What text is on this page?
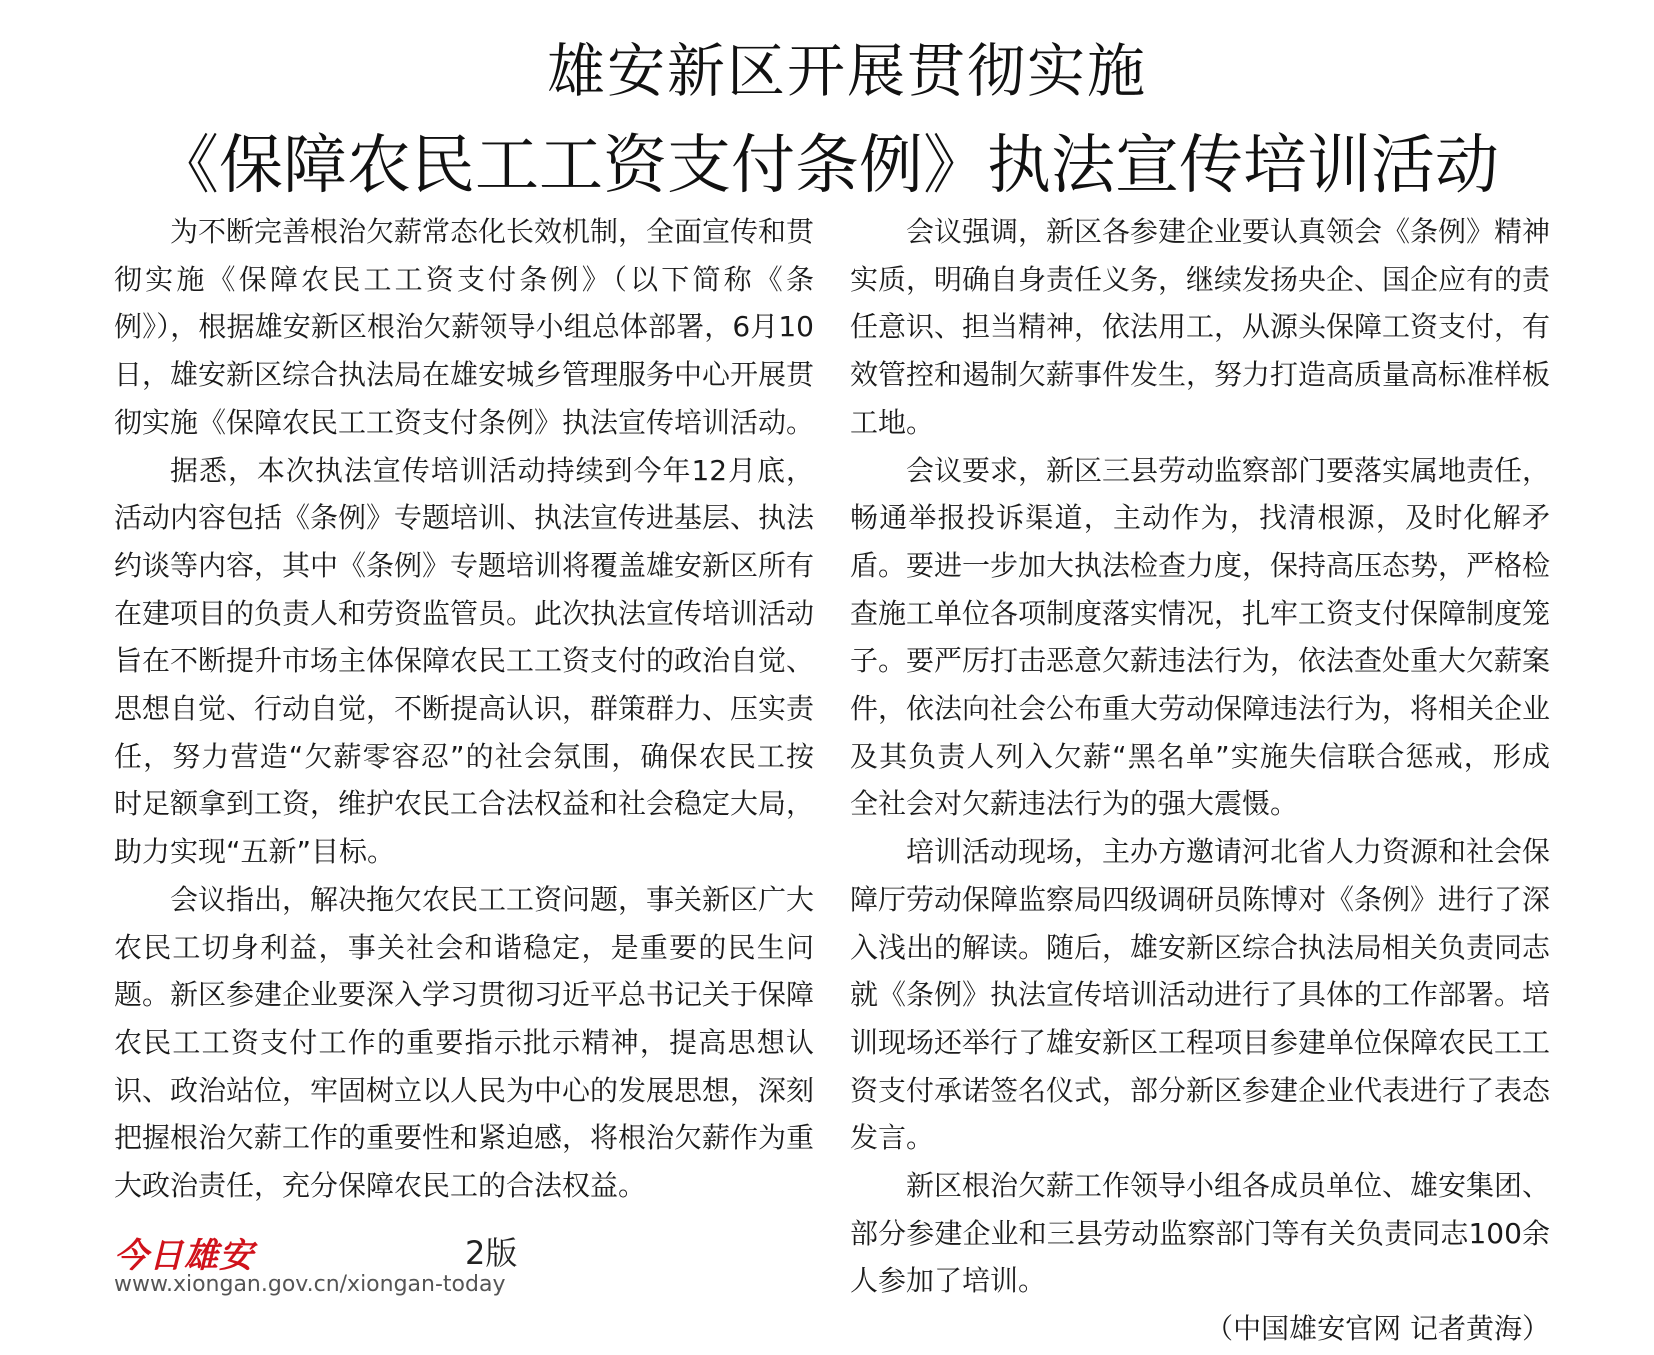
雄安新区开展贯彻实施
《保障农民工工资支付条例》执法宣传培训活动

为不断完善根治欠薪常态化长效机制，全面宣传和贯彻实施《保障农民工工资支付条例》（以下简称《条例》），根据雄安新区根治欠薪领导小组总体部署，6月10日，雄安新区综合执法局在雄安城乡管理服务中心开展贯彻实施《保障农民工工资支付条例》执法宣传培训活动。

据悉，本次执法宣传培训活动持续到今年12月底，活动内容包括《条例》专题培训、执法宣传进基层、执法约谈等内容，其中《条例》专题培训将覆盖雄安新区所有在建项目的负责人和劳资监管员。此次执法宣传培训活动旨在不断提升市场主体保障农民工工资支付的政治自觉、思想自觉、行动自觉，不断提高认识，群策群力、压实责任，努力营造“欠薪零容忍”的社会氛围，确保农民工按时足额拿到工资，维护农民工合法权益和社会稳定大局，助力实现“五新”目标。

会议指出，解决拖欠农民工工资问题，事关新区广大农民工切身利益，事关社会和谐稳定，是重要的民生问题。新区参建企业要深入学习贯彻习近平总书记关于保障农民工工资支付工作的重要指示批示精神，提高思想认识、政治站位，牢固树立以人民为中心的发展思想，深刻把握根治欠薪工作的重要性和紧迫感，将根治欠薪作为重大政治责任，充分保障农民工的合法权益。

会议强调，新区各参建企业要认真领会《条例》精神实质，明确自身责任义务，继续发扬央企、国企应有的责任意识、担当精神，依法用工，从源头保障工资支付，有效管控和遏制欠薪事件发生，努力打造高质量高标准样板工地。

会议要求，新区三县劳动监察部门要落实属地责任，畅通举报投诉渠道，主动作为，找清根源，及时化解矛盾。要进一步加大执法检查力度，保持高压态势，严格检查施工单位各项制度落实情况，扎牢工资支付保障制度笼子。要严厉打击恶意欠薪违法行为，依法查处重大欠薪案件，依法向社会公布重大劳动保障违法行为，将相关企业及其负责人列入欠薪“黑名单”实施失信联合惩戒，形成全社会对欠薪违法行为的强大震慑。

培训活动现场，主办方邀请河北省人力资源和社会保障厅劳动保障监察局四级调研员陈博对《条例》进行了深入浅出的解读。随后，雄安新区综合执法局相关负责同志就《条例》执法宣传培训活动进行了具体的工作部署。培训现场还举行了雄安新区工程项目参建单位保障农民工工资支付承诺签名仪式，部分新区参建企业代表进行了表态发言。

新区根治欠薪工作领导小组各成员单位、雄安集团、部分参建企业和三县劳动监察部门等有关负责同志100余人参加了培训。

（中国雄安官网 记者黄海）
今日雄安	2版
www.xiongan.gov.cn/xiongan-today
